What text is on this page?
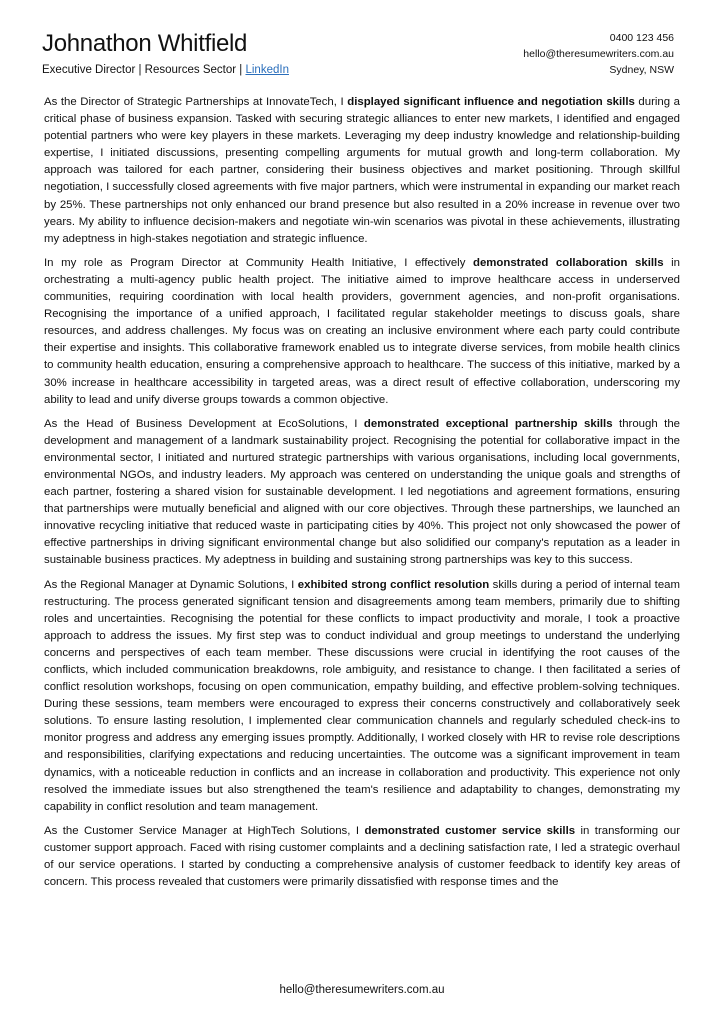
Johnathon Whitfield
Executive Director | Resources Sector | LinkedIn
0400 123 456
hello@theresumewriters.com.au
Sydney, NSW

As the Director of Strategic Partnerships at InnovateTech, I displayed significant influence and negotiation skills during a critical phase of business expansion. Tasked with securing strategic alliances to enter new markets, I identified and engaged potential partners who were key players in these markets. Leveraging my deep industry knowledge and relationship-building expertise, I initiated discussions, presenting compelling arguments for mutual growth and long-term collaboration. My approach was tailored for each partner, considering their business objectives and market positioning. Through skillful negotiation, I successfully closed agreements with five major partners, which were instrumental in expanding our market reach by 25%. These partnerships not only enhanced our brand presence but also resulted in a 20% increase in revenue over two years. My ability to influence decision-makers and negotiate win-win scenarios was pivotal in these achievements, illustrating my adeptness in high-stakes negotiation and strategic influence.

In my role as Program Director at Community Health Initiative, I effectively demonstrated collaboration skills in orchestrating a multi-agency public health project. The initiative aimed to improve healthcare access in underserved communities, requiring coordination with local health providers, government agencies, and non-profit organisations. Recognising the importance of a unified approach, I facilitated regular stakeholder meetings to discuss goals, share resources, and address challenges. My focus was on creating an inclusive environment where each party could contribute their expertise and insights. This collaborative framework enabled us to integrate diverse services, from mobile health clinics to community health education, ensuring a comprehensive approach to healthcare. The success of this initiative, marked by a 30% increase in healthcare accessibility in targeted areas, was a direct result of effective collaboration, underscoring my ability to lead and unify diverse groups towards a common objective.

As the Head of Business Development at EcoSolutions, I demonstrated exceptional partnership skills through the development and management of a landmark sustainability project. Recognising the potential for collaborative impact in the environmental sector, I initiated and nurtured strategic partnerships with various organisations, including local governments, environmental NGOs, and industry leaders. My approach was centered on understanding the unique goals and strengths of each partner, fostering a shared vision for sustainable development. I led negotiations and agreement formations, ensuring that partnerships were mutually beneficial and aligned with our core objectives. Through these partnerships, we launched an innovative recycling initiative that reduced waste in participating cities by 40%. This project not only showcased the power of effective partnerships in driving significant environmental change but also solidified our company's reputation as a leader in sustainable business practices. My adeptness in building and sustaining strong partnerships was key to this success.

As the Regional Manager at Dynamic Solutions, I exhibited strong conflict resolution skills during a period of internal team restructuring. The process generated significant tension and disagreements among team members, primarily due to shifting roles and uncertainties. Recognising the potential for these conflicts to impact productivity and morale, I took a proactive approach to address the issues. My first step was to conduct individual and group meetings to understand the underlying concerns and perspectives of each team member. These discussions were crucial in identifying the root causes of the conflicts, which included communication breakdowns, role ambiguity, and resistance to change. I then facilitated a series of conflict resolution workshops, focusing on open communication, empathy building, and effective problem-solving techniques. During these sessions, team members were encouraged to express their concerns constructively and collaboratively seek solutions. To ensure lasting resolution, I implemented clear communication channels and regularly scheduled check-ins to monitor progress and address any emerging issues promptly. Additionally, I worked closely with HR to revise role descriptions and responsibilities, clarifying expectations and reducing uncertainties. The outcome was a significant improvement in team dynamics, with a noticeable reduction in conflicts and an increase in collaboration and productivity. This experience not only resolved the immediate issues but also strengthened the team's resilience and adaptability to changes, demonstrating my capability in conflict resolution and team management.

As the Customer Service Manager at HighTech Solutions, I demonstrated customer service skills in transforming our customer support approach. Faced with rising customer complaints and a declining satisfaction rate, I led a strategic overhaul of our service operations. I started by conducting a comprehensive analysis of customer feedback to identify key areas of concern. This process revealed that customers were primarily dissatisfied with response times and the

hello@theresumewriters.com.au
